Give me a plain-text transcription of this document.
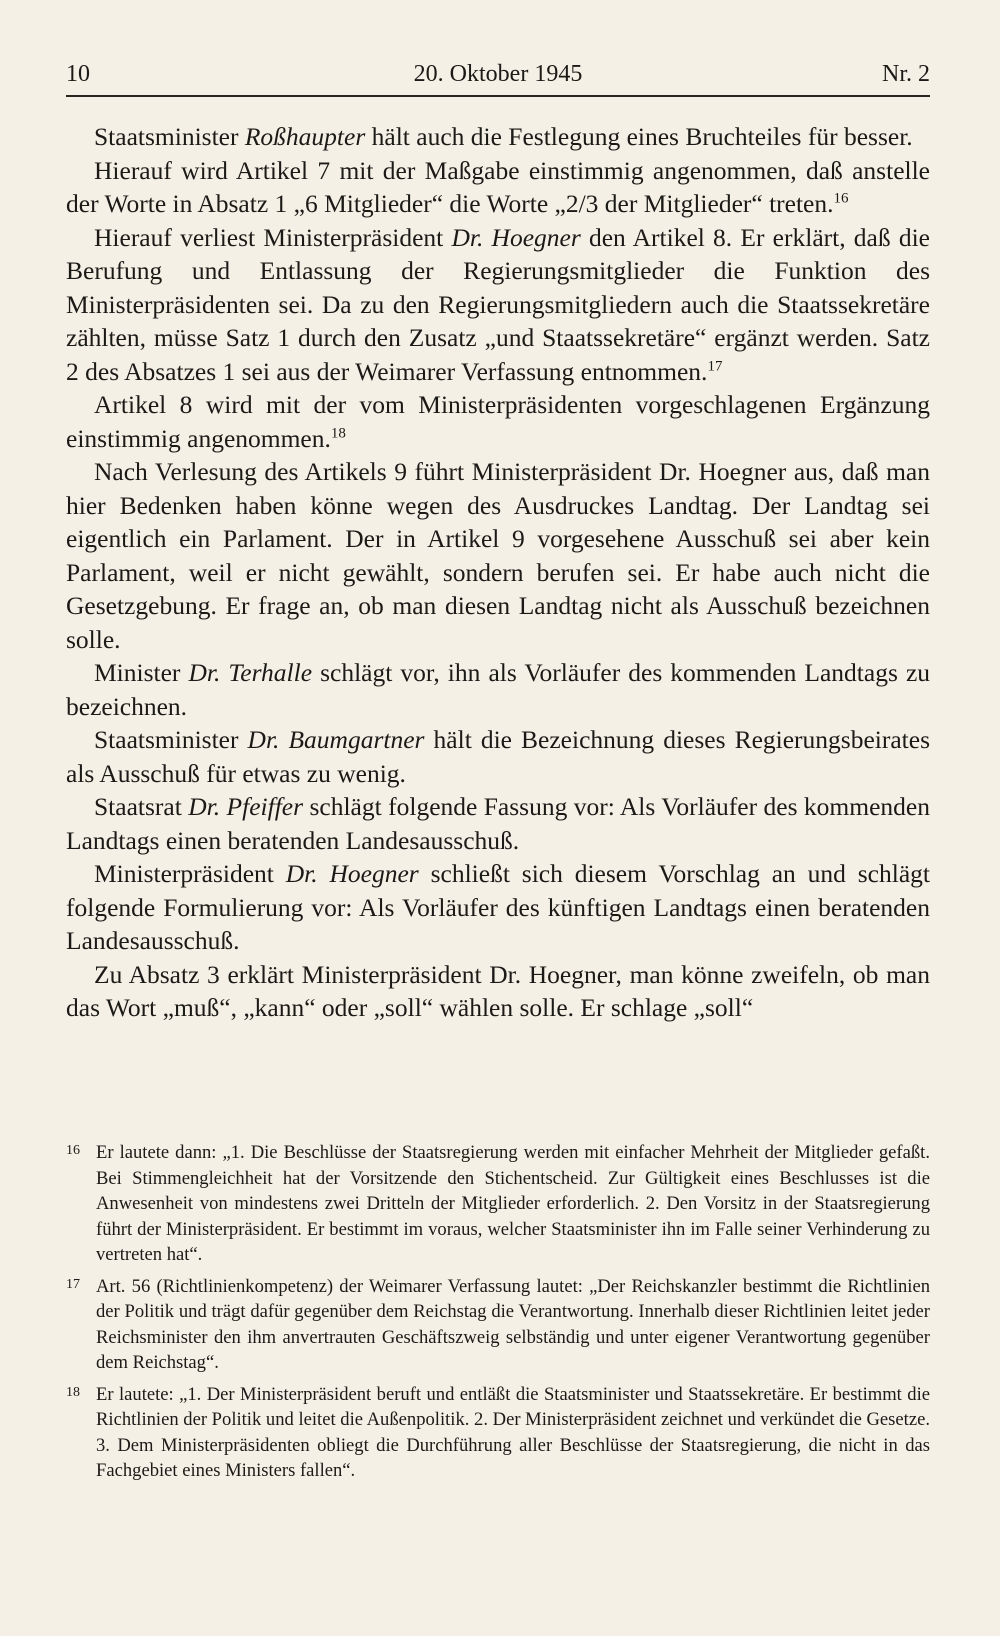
10	20. Oktober 1945	Nr. 2

Staatsminister Roßhaupter hält auch die Festlegung eines Bruchteiles für besser.

Hierauf wird Artikel 7 mit der Maßgabe einstimmig angenommen, daß anstelle der Worte in Absatz 1 „6 Mitglieder“ die Worte „2/3 der Mitglieder“ treten.$^{16}$

Hierauf verliest Ministerpräsident Dr. Hoegner den Artikel 8. Er erklärt, daß die Berufung und Entlassung der Regierungsmitglieder die Funktion des Ministerpräsidenten sei. Da zu den Regierungsmitgliedern auch die Staatssekretäre zählten, müsse Satz 1 durch den Zusatz „und Staatssekretäre“ ergänzt werden. Satz 2 des Absatzes 1 sei aus der Weimarer Verfassung entnommen.$^{17}$

Artikel 8 wird mit der vom Ministerpräsidenten vorgeschlagenen Ergänzung einstimmig angenommen.$^{18}$

Nach Verlesung des Artikels 9 führt Ministerpräsident Dr. Hoegner aus, daß man hier Bedenken haben könne wegen des Ausdruckes Landtag. Der Landtag sei eigentlich ein Parlament. Der in Artikel 9 vorgesehene Ausschuß sei aber kein Parlament, weil er nicht gewählt, sondern berufen sei. Er habe auch nicht die Gesetzgebung. Er frage an, ob man diesen Landtag nicht als Ausschuß bezeichnen solle.

Minister Dr. Terhalle schlägt vor, ihn als Vorläufer des kommenden Landtags zu bezeichnen.

Staatsminister Dr. Baumgartner hält die Bezeichnung dieses Regierungsbeirates als Ausschuß für etwas zu wenig.

Staatsrat Dr. Pfeiffer schlägt folgende Fassung vor: Als Vorläufer des kommenden Landtags einen beratenden Landesausschuß.

Ministerpräsident Dr. Hoegner schließt sich diesem Vorschlag an und schlägt folgende Formulierung vor: Als Vorläufer des künftigen Landtags einen beratenden Landesausschuß.

Zu Absatz 3 erklärt Ministerpräsident Dr. Hoegner, man könne zweifeln, ob man das Wort „muß“, „kann“ oder „soll“ wählen solle. Er schlage „soll“

16 Er lautete dann: „1. Die Beschlüsse der Staatsregierung werden mit einfacher Mehrheit der Mitglieder gefaßt. Bei Stimmengleichheit hat der Vorsitzende den Stichentscheid. Zur Gültigkeit eines Beschlusses ist die Anwesenheit von mindestens zwei Dritteln der Mitglieder erforderlich. 2. Den Vorsitz in der Staatsregierung führt der Ministerpräsident. Er bestimmt im voraus, welcher Staatsminister ihn im Falle seiner Verhinderung zu vertreten hat“.
17 Art. 56 (Richtlinienkompetenz) der Weimarer Verfassung lautet: „Der Reichskanzler bestimmt die Richtlinien der Politik und trägt dafür gegenüber dem Reichstag die Verantwortung. Innerhalb dieser Richtlinien leitet jeder Reichsminister den ihm anvertrauten Geschäftszweig selbständig und unter eigener Verantwortung gegenüber dem Reichstag“.
18 Er lautete: „1. Der Ministerpräsident beruft und entläßt die Staatsminister und Staatssekretäre. Er bestimmt die Richtlinien der Politik und leitet die Außenpolitik. 2. Der Ministerpräsident zeichnet und verkündet die Gesetze. 3. Dem Ministerpräsidenten obliegt die Durchführung aller Beschlüsse der Staatsregierung, die nicht in das Fachgebiet eines Ministers fallen“.
